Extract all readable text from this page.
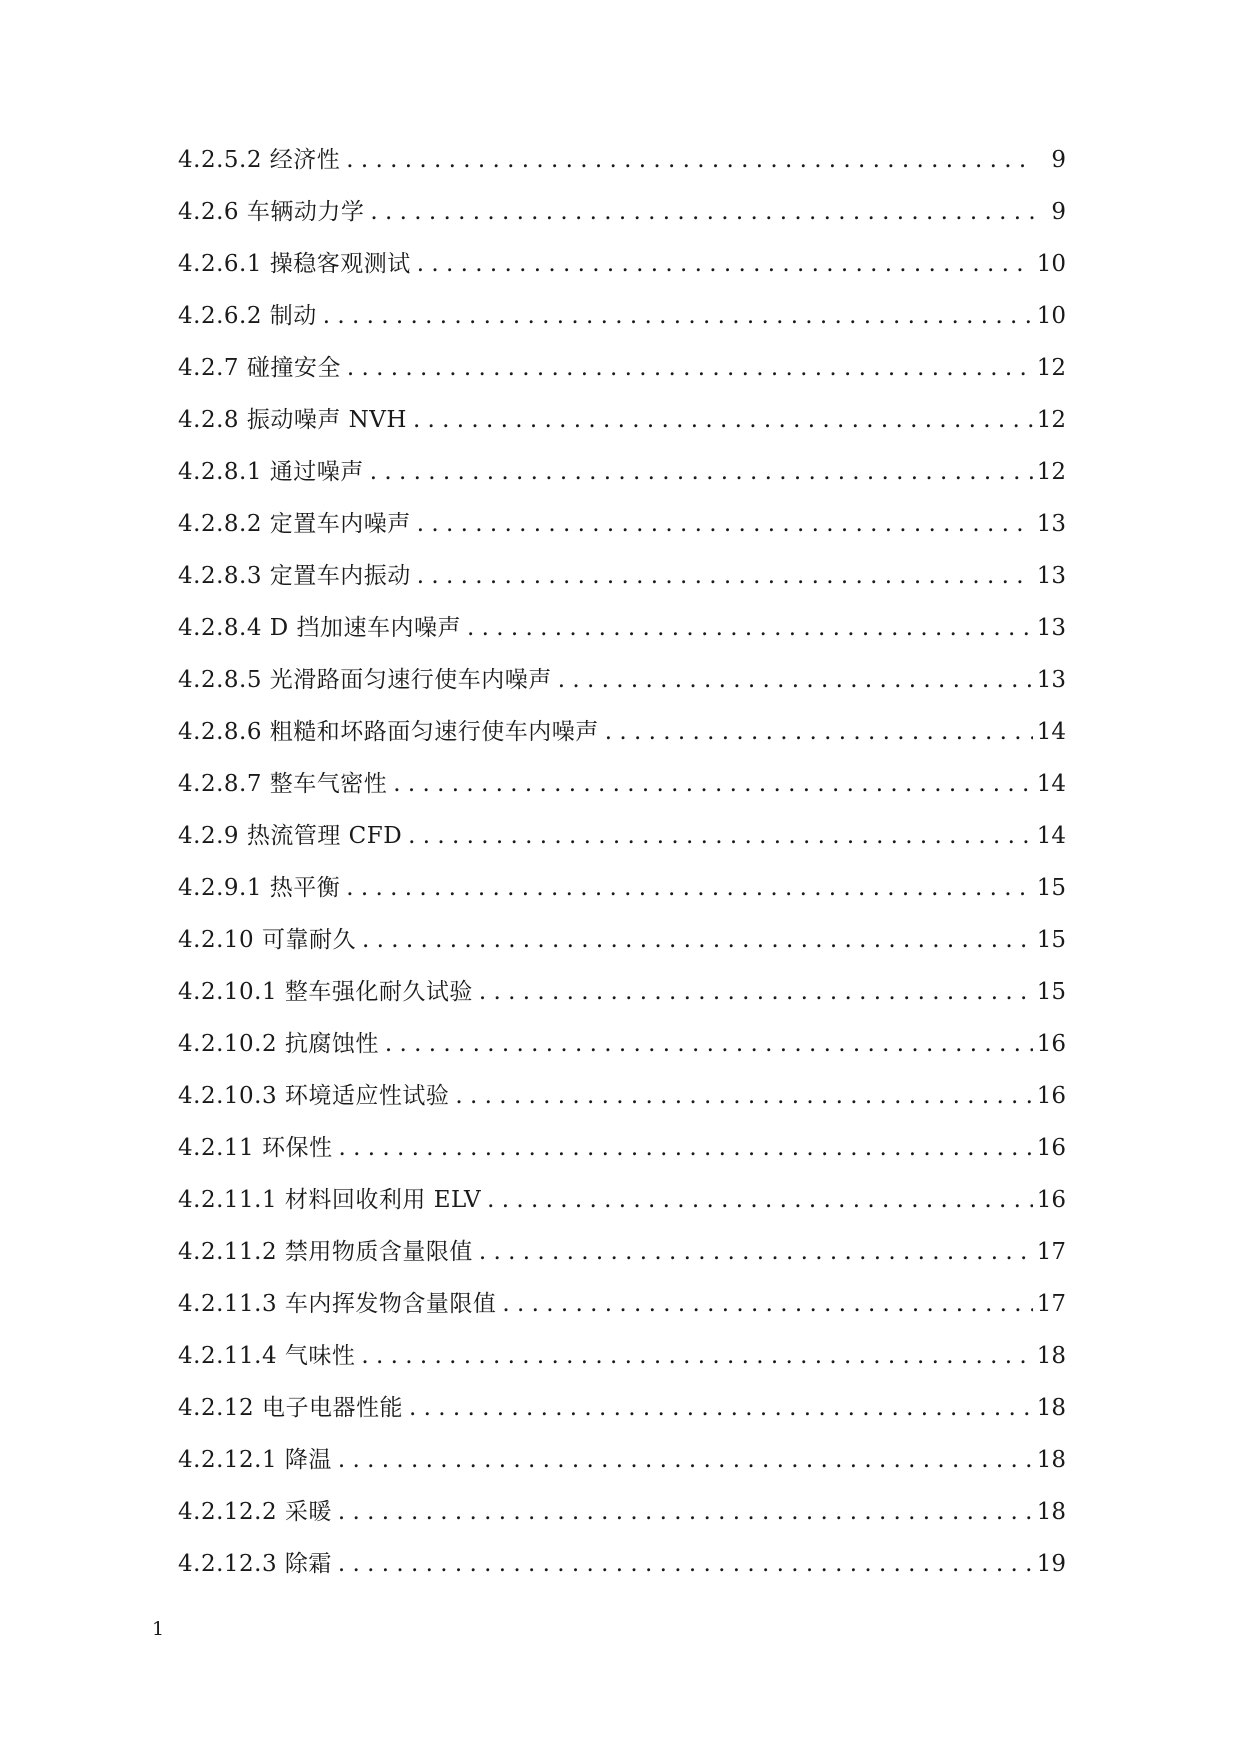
4.2.5.2 经济性 . . .	9
4.2.6 车辆动力学 . . .	9
4.2.6.1 操稳客观测试 . . .	10
4.2.6.2 制动 . . .	10
4.2.7 碰撞安全 . . .	12
4.2.8 振动噪声 NVH . . .	12
4.2.8.1 通过噪声 . . .	12
4.2.8.2 定置车内噪声 . . .	13
4.2.8.3 定置车内振动 . . .	13
4.2.8.4 D 挡加速车内噪声 . . .	13
4.2.8.5 光滑路面匀速行使车内噪声 . . .	13
4.2.8.6 粗糙和坏路面匀速行使车内噪声 . . .	14
4.2.8.7 整车气密性 . . .	14
4.2.9 热流管理 CFD . . .	14
4.2.9.1 热平衡 . . .	15
4.2.10 可靠耐久 . . .	15
4.2.10.1 整车强化耐久试验 . . .	15
4.2.10.2 抗腐蚀性 . . .	16
4.2.10.3 环境适应性试验 . . .	16
4.2.11 环保性 . . .	16
4.2.11.1 材料回收利用 ELV . . .	16
4.2.11.2 禁用物质含量限值 . . .	17
4.2.11.3 车内挥发物含量限值 . . .	17
4.2.11.4 气味性 . . .	18
4.2.12 电子电器性能 . . .	18
4.2.12.1 降温 . . .	18
4.2.12.2 采暖 . . .	18
4.2.12.3 除霜 . . .	19
1
